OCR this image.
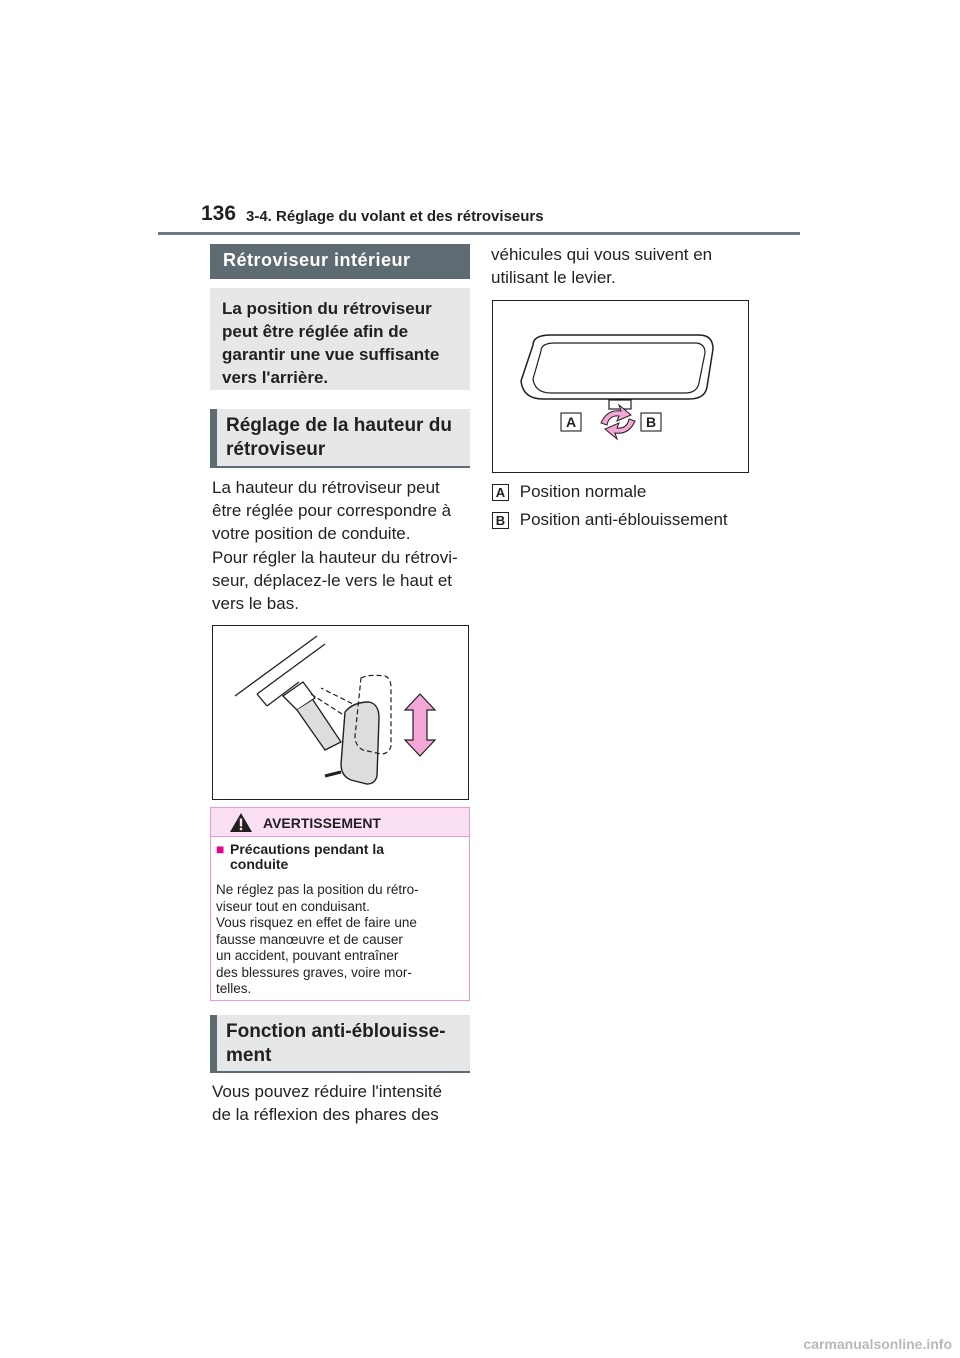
136 3-4. Réglage du volant et des rétroviseurs
Rétroviseur intérieur
La position du rétroviseur
peut être réglée afin de
garantir une vue suffisante
vers l'arrière.
Réglage de la hauteur du
rétroviseur
La hauteur du rétroviseur peut
être réglée pour correspondre à
votre position de conduite.
Pour régler la hauteur du rétrovi-
seur, déplacez-le vers le haut et
vers le bas.
AVERTISSEMENT
■ Précautions pendant la
conduite
Ne réglez pas la position du rétro-
viseur tout en conduisant.
Vous risquez en effet de faire une
fausse manœuvre et de causer
un accident, pouvant entraîner
des blessures graves, voire mor-
telles.
Fonction anti-éblouisse-
ment
Vous pouvez réduire l'intensité
de la réflexion des phares des
véhicules qui vous suivent en
utilisant le levier.
A	B
A Position normale
B Position anti-éblouissement
carmanualsonline.info
